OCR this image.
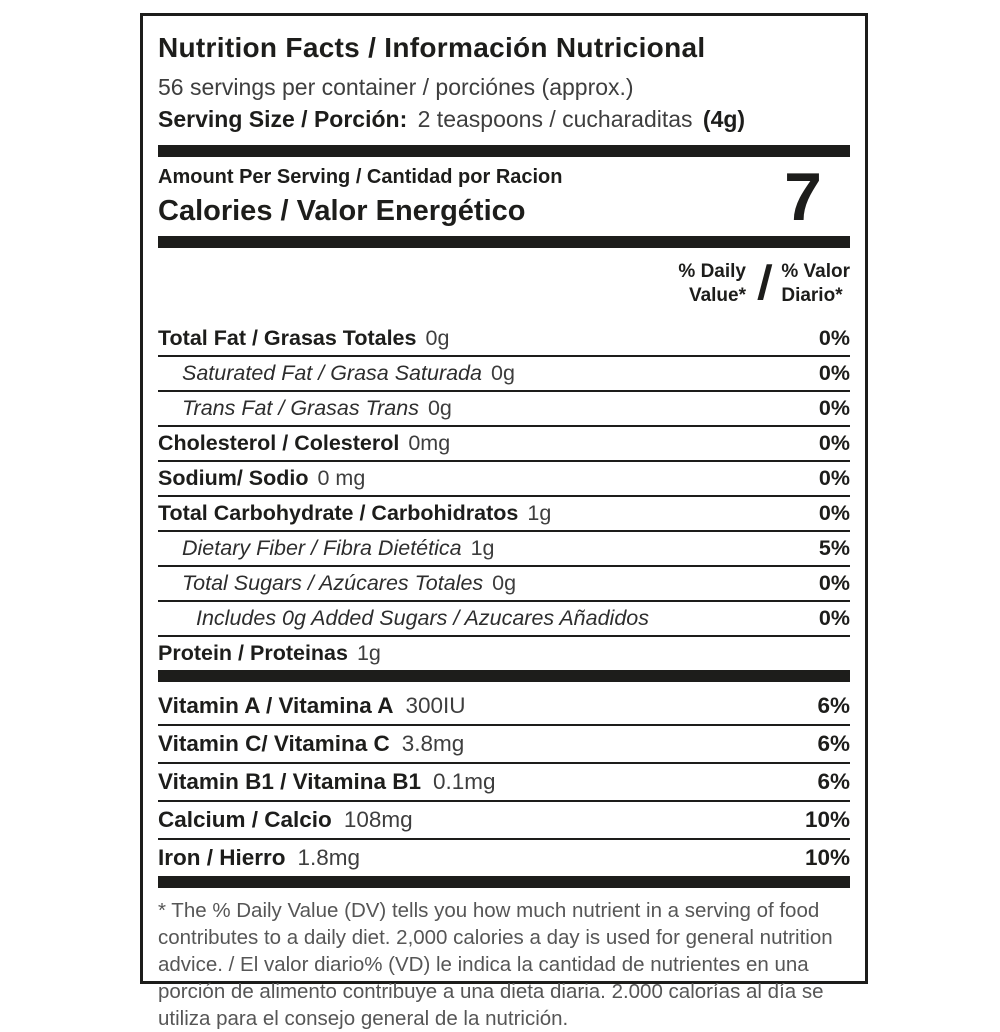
Nutrition Facts / Información Nutricional
56 servings per container / porciónes (approx.)
Serving Size / Porción: 2 teaspoons / cucharaditas (4g)
Amount Per Serving / Cantidad por Racion
Calories / Valor Energético	7
% Daily
Value* / % Valor
Diario*
Total Fat / Grasas Totales 0g	0%
Saturated Fat / Grasa Saturada 0g	0%
Trans Fat / Grasas Trans 0g	0%
Cholesterol / Colesterol 0mg	0%
Sodium/ Sodio 0 mg	0%
Total Carbohydrate / Carbohidratos 1g	0%
Dietary Fiber / Fibra Dietética 1g	5%
Total Sugars / Azúcares Totales 0g	0%
Includes 0g Added Sugars / Azucares Añadidos	0%
Protein / Proteinas 1g
Vitamin A / Vitamina A 300IU	6%
Vitamin C/ Vitamina C 3.8mg	6%
Vitamin B1 / Vitamina B1 0.1mg	6%
Calcium / Calcio 108mg	10%
Iron / Hierro 1.8mg	10%
* The % Daily Value (DV) tells you how much nutrient in a serving of food contributes to a daily diet. 2,000 calories a day is used for general nutrition advice. / El valor diario% (VD) le indica la cantidad de nutrientes en una porción de alimento contribuye a una dieta diaria. 2.000 calorías al día se utiliza para el consejo general de la nutrición.
